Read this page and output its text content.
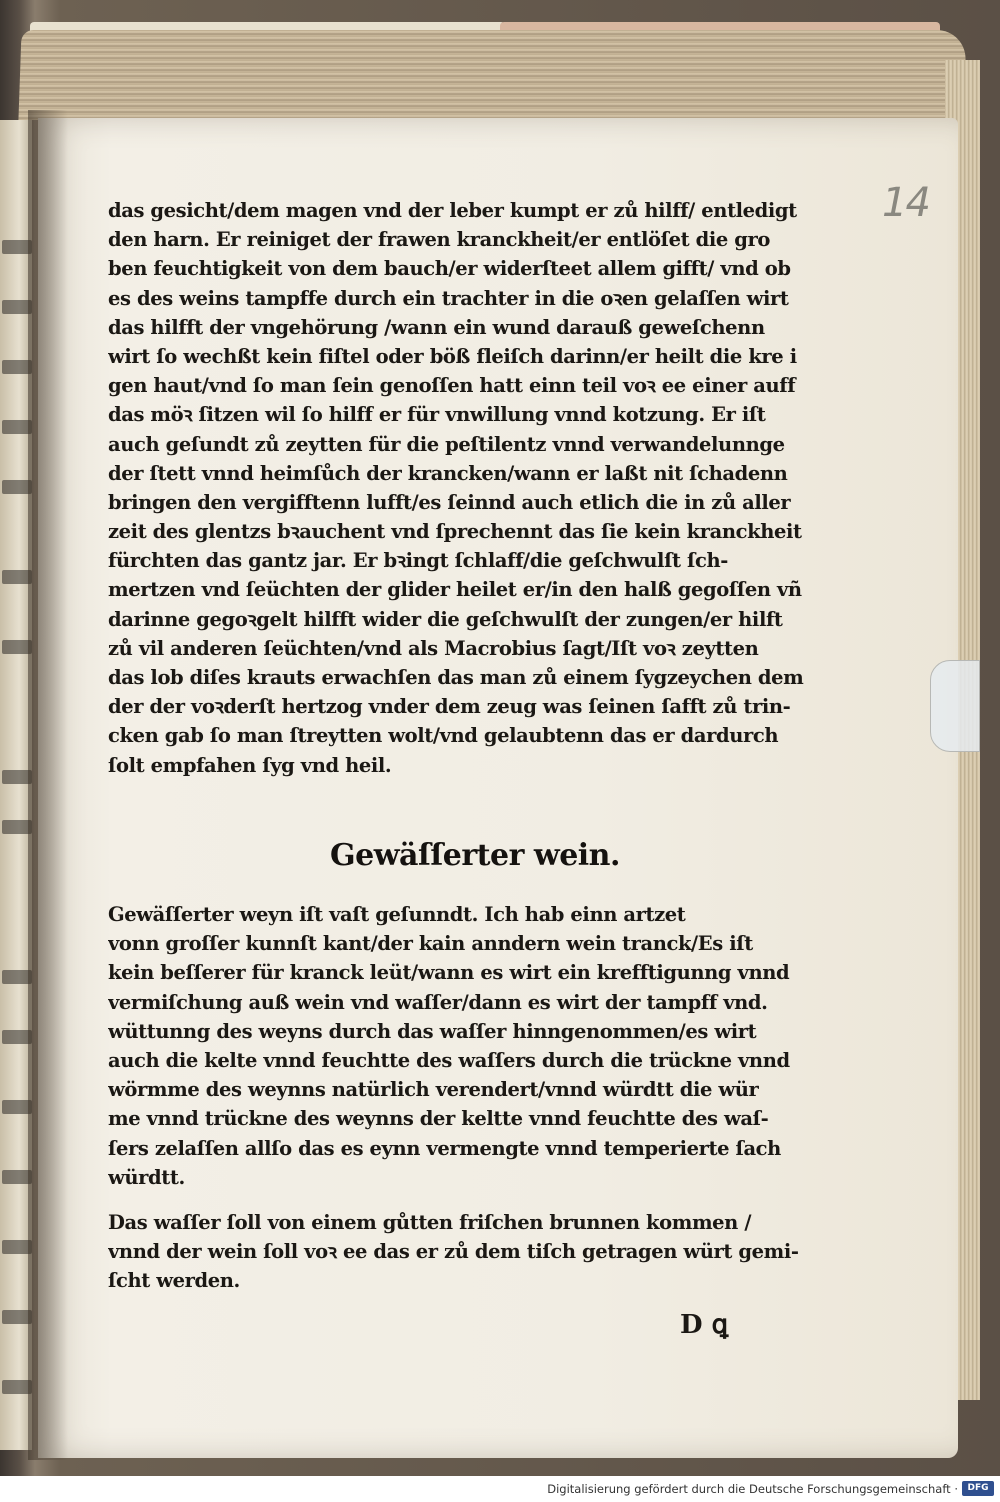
14
das gesicht/dem magen vnd der leber kumpt er zů hilff/ entledigt
den harn. Er reiniget der frawen kranckheit/er entlöſet die gro
ben feuchtigkeit von dem bauch/er widerſteet allem gifft/ vnd ob
es des weins tampffe durch ein trachter in die oꝛen gelaſſen wirt
das hilfft der vngehörung /wann ein wund darauß geweſchenn
wirt ſo wechßt kein fiſtel oder böß fleiſch darinn/er heilt die kre i
gen haut/vnd ſo man ſein genoſſen hatt einn teil voꝛ ee einer auff
das möꝛ ſitzen wil ſo hilff er für vnwillung vnnd kotzung. Er iſt
auch geſundt zů zeytten für die peſtilentz vnnd verwandelunnge
der ſtett vnnd heimſůch der krancken/wann er laßt nit ſchadenn
bringen den vergifftenn lufft/es ſeinnd auch etlich die in zů aller
zeit des glentzs bꝛauchent vnd ſprechennt das ſie kein kranckheit
fürchten das gantz jar. Er bꝛingt ſchlaff/die geſchwulſt ſch-
mertzen vnd ſeüchten der glider heilet er/in den halß gegoſſen vñ
darinne gegoꝛgelt hilfft wider die geſchwulſt der zungen/er hilft
zů vil anderen ſeüchten/vnd als Macrobius ſagt/Iſt voꝛ zeytten
das lob diſes krauts erwachſen das man zů einem ſygzeychen dem
der der voꝛderſt hertzog vnder dem zeug was ſeinen ſafft zů trin-
cken gab ſo man ſtreytten wolt/vnd gelaubtenn das er dardurch
ſolt empfahen ſyg vnd heil.
Gewäſſerter wein.
Gewäſſerter weyn iſt vaſt geſunndt. Ich hab einn artzet
vonn groſſer kunnſt kant/der kain anndern wein tranck/Es iſt
kein beſſerer für kranck leüt/wann es wirt ein krefftigunng vnnd
vermiſchung auß wein vnd waſſer/dann es wirt der tampff vnd.
wüttunng des weyns durch das waſſer hinngenommen/es wirt
auch die kelte vnnd feuchtte des waſſers durch die trückne vnnd
wörmme des weynns natürlich verendert/vnnd würdtt die wür
me vnnd trückne des weynns der keltte vnnd feuchtte des waſ-
ſers zelaſſen allſo das es eynn vermengte vnnd temperierte ſach
würdtt.
Das waſſer ſoll von einem gůtten friſchen brunnen kommen /
vnnd der wein ſoll voꝛ ee das er zů dem tiſch getragen würt gemi-
ſcht werden.
D ꝗ
Digitalisierung gefördert durch die Deutsche Forschungsgemeinschaft ·	DFG
